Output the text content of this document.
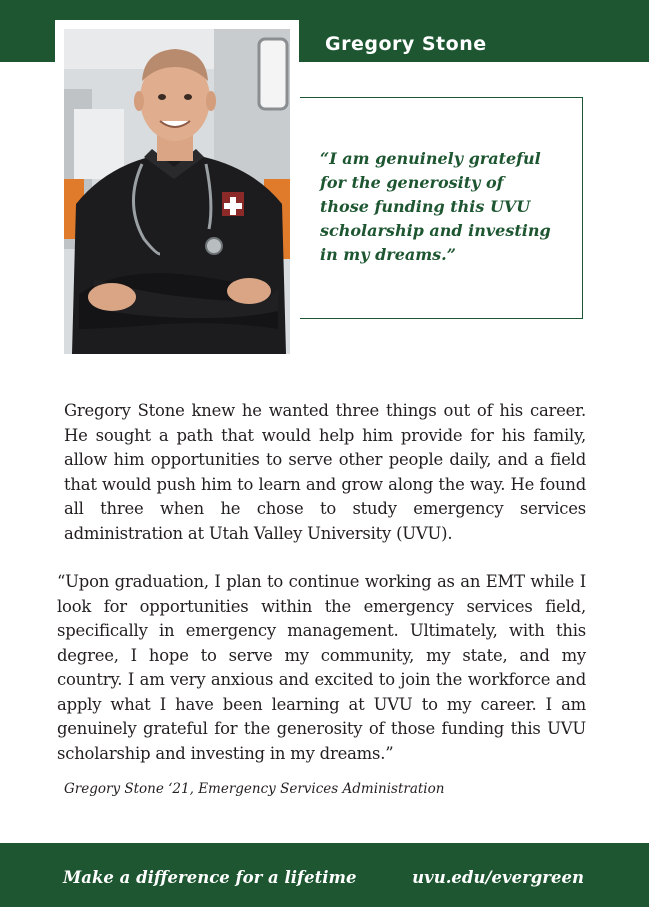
Gregory Stone

“I am genuinely grateful for the generosity of those funding this UVU scholarship and investing in my dreams.”

Gregory Stone knew he wanted three things out of his career. He sought a path that would help him provide for his family, allow him opportunities to serve other people daily, and a field that would push him to learn and grow along the way. He found all three when he chose to study emergency services administration at Utah Valley University (UVU).

“Upon graduation, I plan to continue working as an EMT while I look for opportunities within the emergency services field, specifically in emergency management. Ultimately, with this degree, I hope to serve my community, my state, and my country. I am very anxious and excited to join the workforce and apply what I have been learning at UVU to my career. I am genuinely grateful for the generosity of those funding this UVU scholarship and investing in my dreams.”

Gregory Stone ‘21, Emergency Services Administration

Make a difference for a lifetime	uvu.edu/evergreen
